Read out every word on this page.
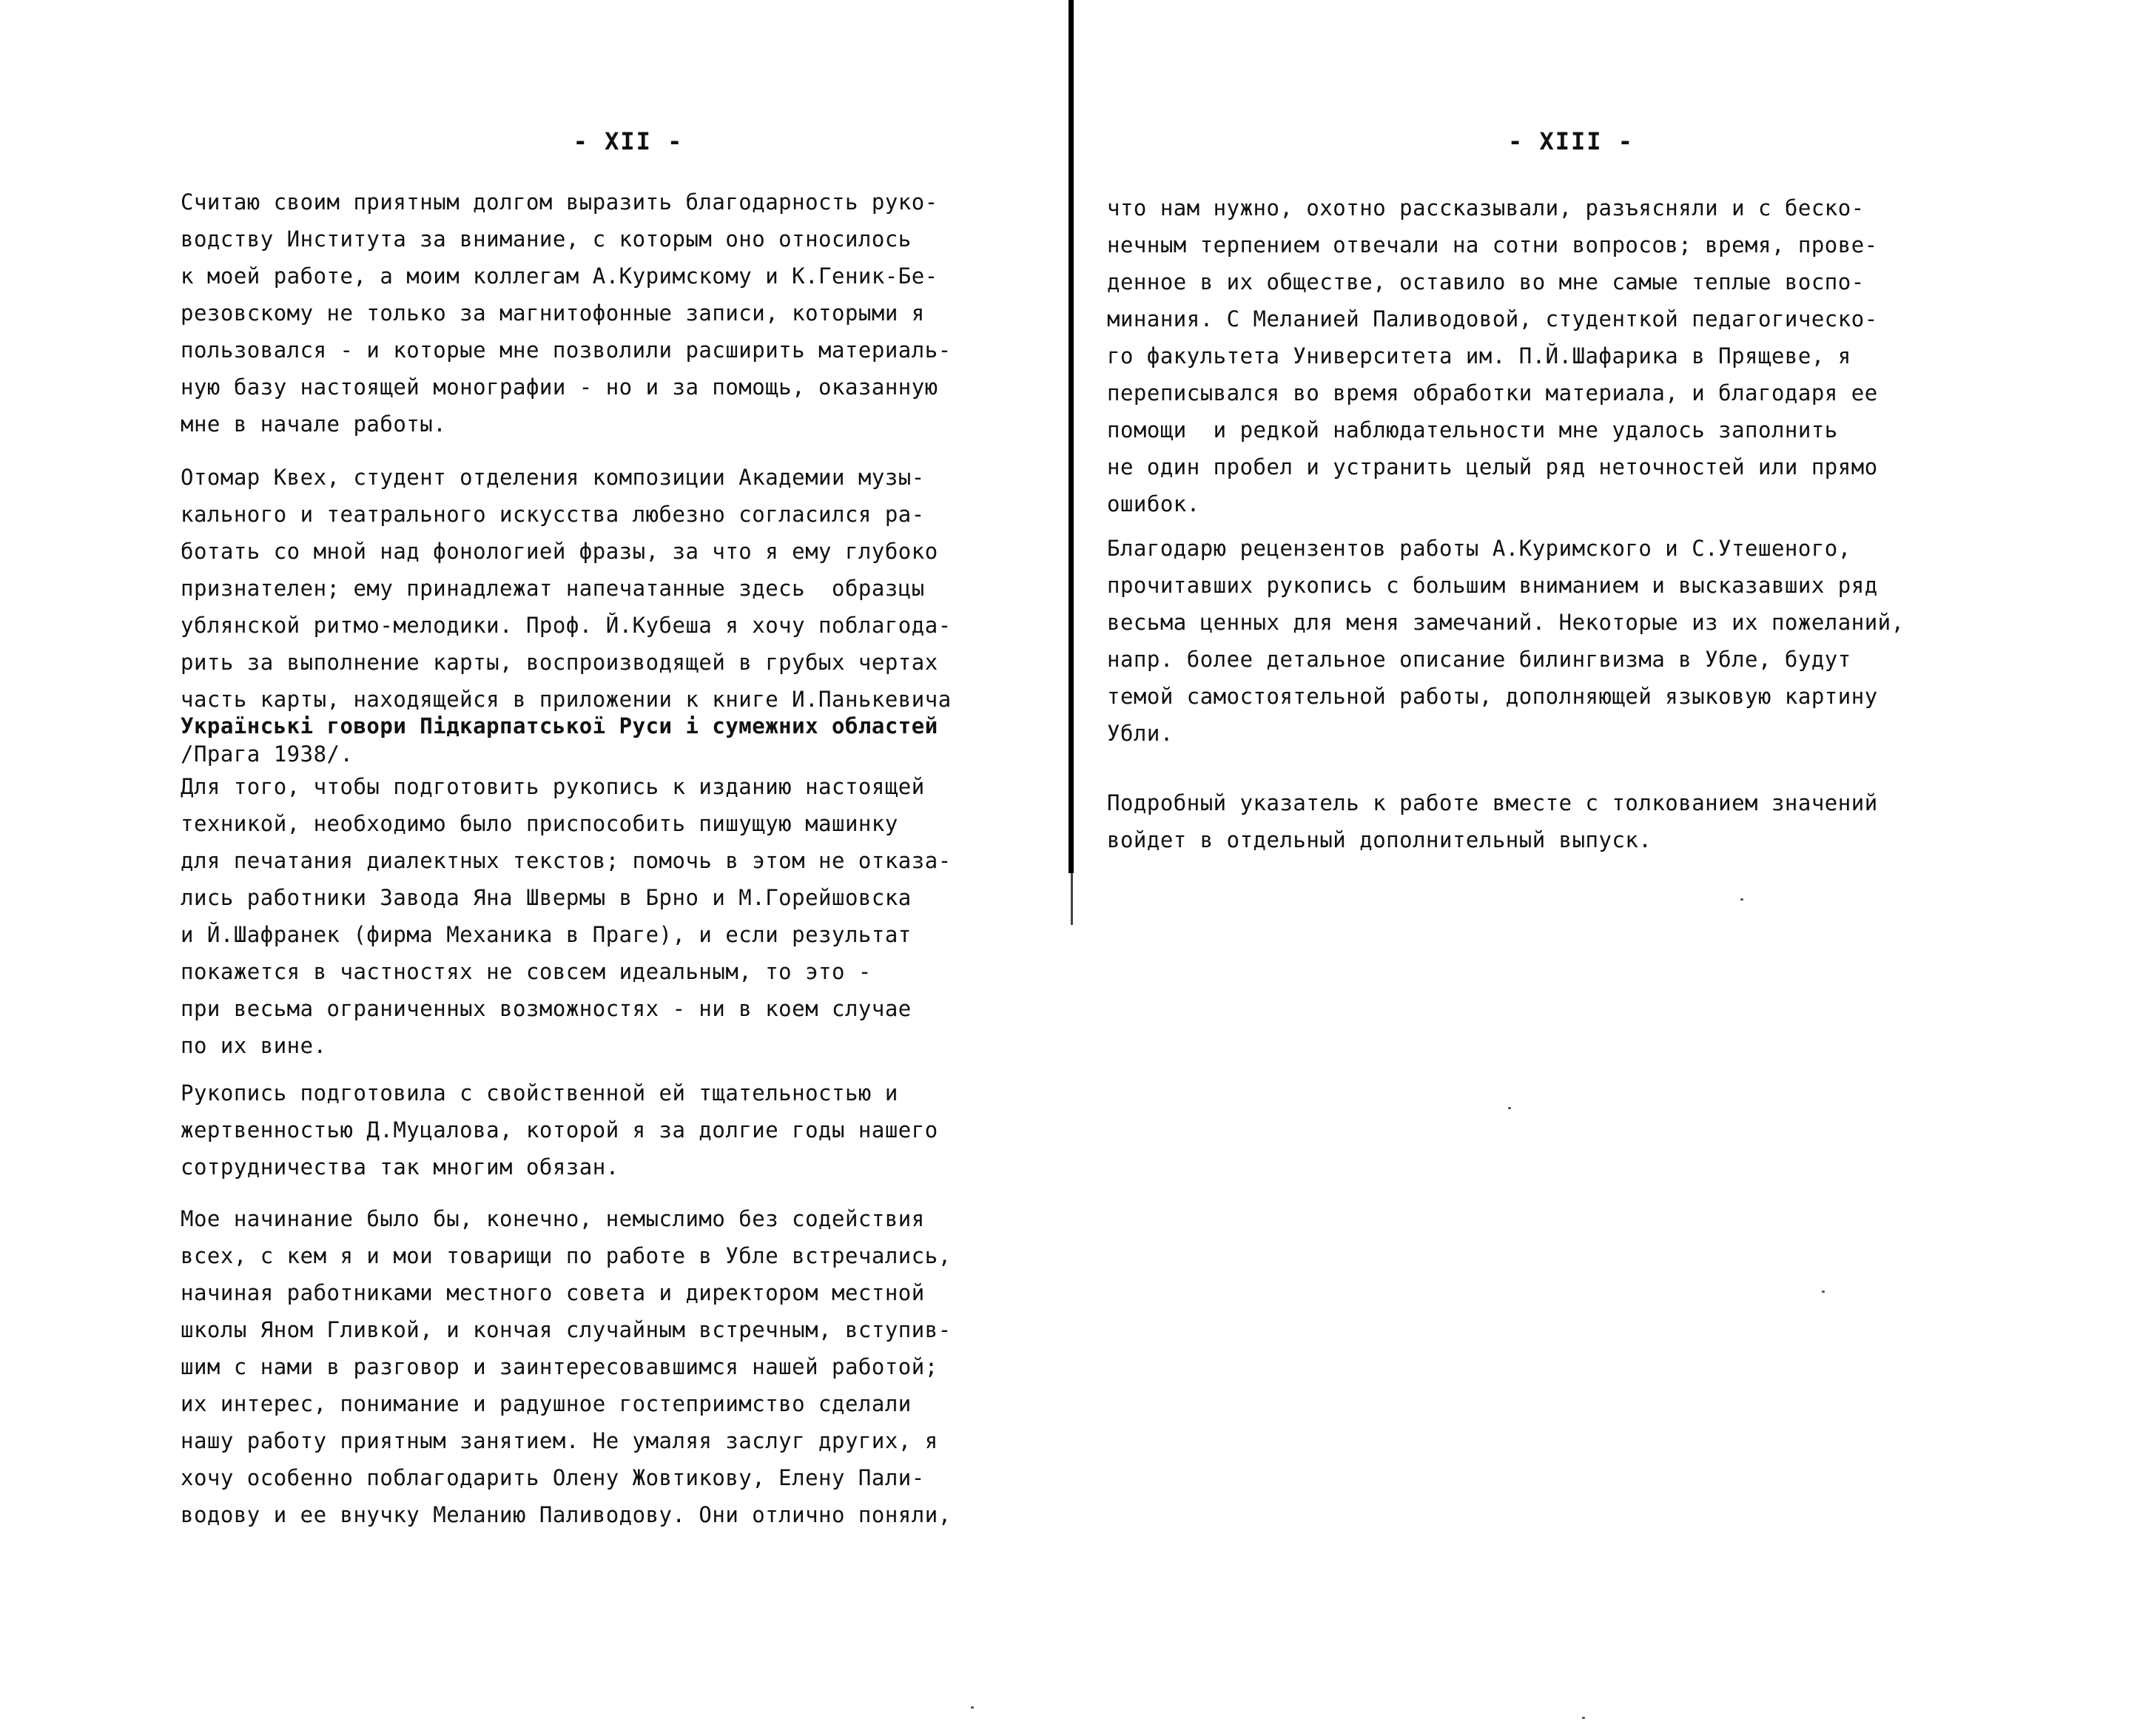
- XII -
Считаю своим приятным долгом выразить благодарность руко-
водству Института за внимание, с которым оно относилось
к моей работе, а моим коллегам А.Куримскому и К.Геник-Бе-
резовскому не только за магнитофонные записи, которыми я
пользовался - и которые мне позволили расширить материаль-
ную базу настоящей монографии - но и за помощь, оказанную
мне в начале работы.
Отомар Квех, студент отделения композиции Академии музы-
кального и театрального искусства любезно согласился ра-
ботать со мной над фонологией фразы, за что я ему глубоко
признателен; ему принадлежат напечатанные здесь  образцы
ублянской ритмо-мелодики. Проф. Й.Кубеша я хочу поблагода-
рить за выполнение карты, воспроизводящей в грубых чертах
часть карты, находящейся в приложении к книге И.Панькевича
Українські говори Підкарпатської Руси і сумежних областей
/Прага 1938/.
Для того, чтобы подготовить рукопись к изданию настоящей
техникой, необходимо было приспособить пишущую машинку
для печатания диалектных текстов; помочь в этом не отказа-
лись работники Завода Яна Швермы в Брно и М.Горейшовска
и Й.Шафранек (фирма Механика в Праге), и если результат
покажется в частностях не совсем идеальным, то это -
при весьма ограниченных возможностях - ни в коем случае
по их вине.
Рукопись подготовила с свойственной ей тщательностью и
жертвенностью Д.Муцалова, которой я за долгие годы нашего
сотрудничества так многим обязан.
Мое начинание было бы, конечно, немыслимо без содействия
всех, с кем я и мои товарищи по работе в Убле встречались,
начиная работниками местного совета и директором местной
школы Яном Гливкой, и кончая случайным встречным, вступив-
шим с нами в разговор и заинтересовавшимся нашей работой;
их интерес, понимание и радушное гостеприимство сделали
нашу работу приятным занятием. Не умаляя заслуг других, я
хочу особенно поблагодарить Олену Жовтикову, Елену Пали-
водову и ее внучку Меланию Паливодову. Они отлично поняли,
- XIII -
что нам нужно, охотно рассказывали, разъясняли и с беско-
нечным терпением отвечали на сотни вопросов; время, прове-
денное в их обществе, оставило во мне самые теплые воспо-
минания. С Меланией Паливодовой, студенткой педагогическо-
го факультета Университета им. П.Й.Шафарика в Прящеве, я
переписывался во время обработки материала, и благодаря ее
помощи  и редкой наблюдательности мне удалось заполнить
не один пробел и устранить целый ряд неточностей или прямо
ошибок.
Благодарю рецензентов работы А.Куримского и С.Утешеного,
прочитавших рукопись с большим вниманием и высказавших ряд
весьма ценных для меня замечаний. Некоторые из их пожеланий,
напр. более детальное описание билингвизма в Убле, будут
темой самостоятельной работы, дополняющей языковую картину
Убли.
Подробный указатель к работе вместе с толкованием значений
войдет в отдельный дополнительный выпуск.
